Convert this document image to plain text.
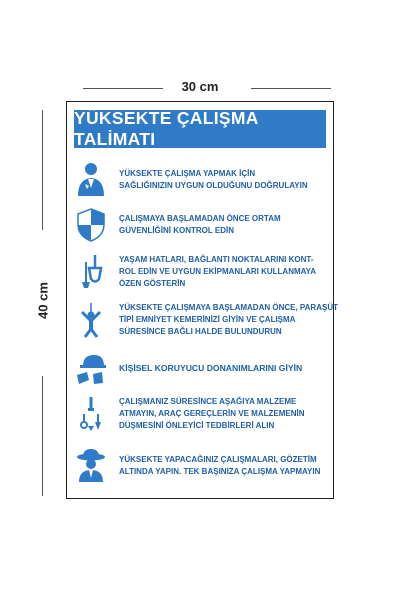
30 cm
40 cm
YÜKSEKTE ÇALIŞMA TALİMATI
YÜKSEKTE ÇALIŞMA YAPMAK İÇİN
SAĞLIĞINIZIN UYGUN OLDUĞUNU DOĞRULAYIN
ÇALIŞMAYA BAŞLAMADAN ÖNCE ORTAM
GÜVENLİĞİNİ KONTROL EDİN
YAŞAM HATLARI, BAĞLANTI NOKTALARINI KONT-
ROL EDİN VE UYGUN EKİPMANLARI KULLANMAYA
ÖZEN GÖSTERİN
YÜKSEKTE ÇALIŞMAYA BAŞLAMADAN ÖNCE, PARAŞÜT
TİPİ EMNİYET KEMERİNİZİ GİYİN VE ÇALIŞMA
SÜRESİNCE BAĞLI HALDE BULUNDURUN
KİŞİSEL KORUYUCU DONANIMLARINI GİYİN
ÇALIŞMANIZ SÜRESİNCE AŞAĞIYA MALZEME
ATMAYIN, ARAÇ GEREÇLERİN VE MALZEMENİN
DÜŞMESİNİ ÖNLEYİCİ TEDBİRLERİ ALIN
YÜKSEKTE YAPACAĞINIZ ÇALIŞMALARI, GÖZETİM
ALTINDA YAPIN. TEK BAŞINIZA ÇALIŞMA YAPMAYIN
